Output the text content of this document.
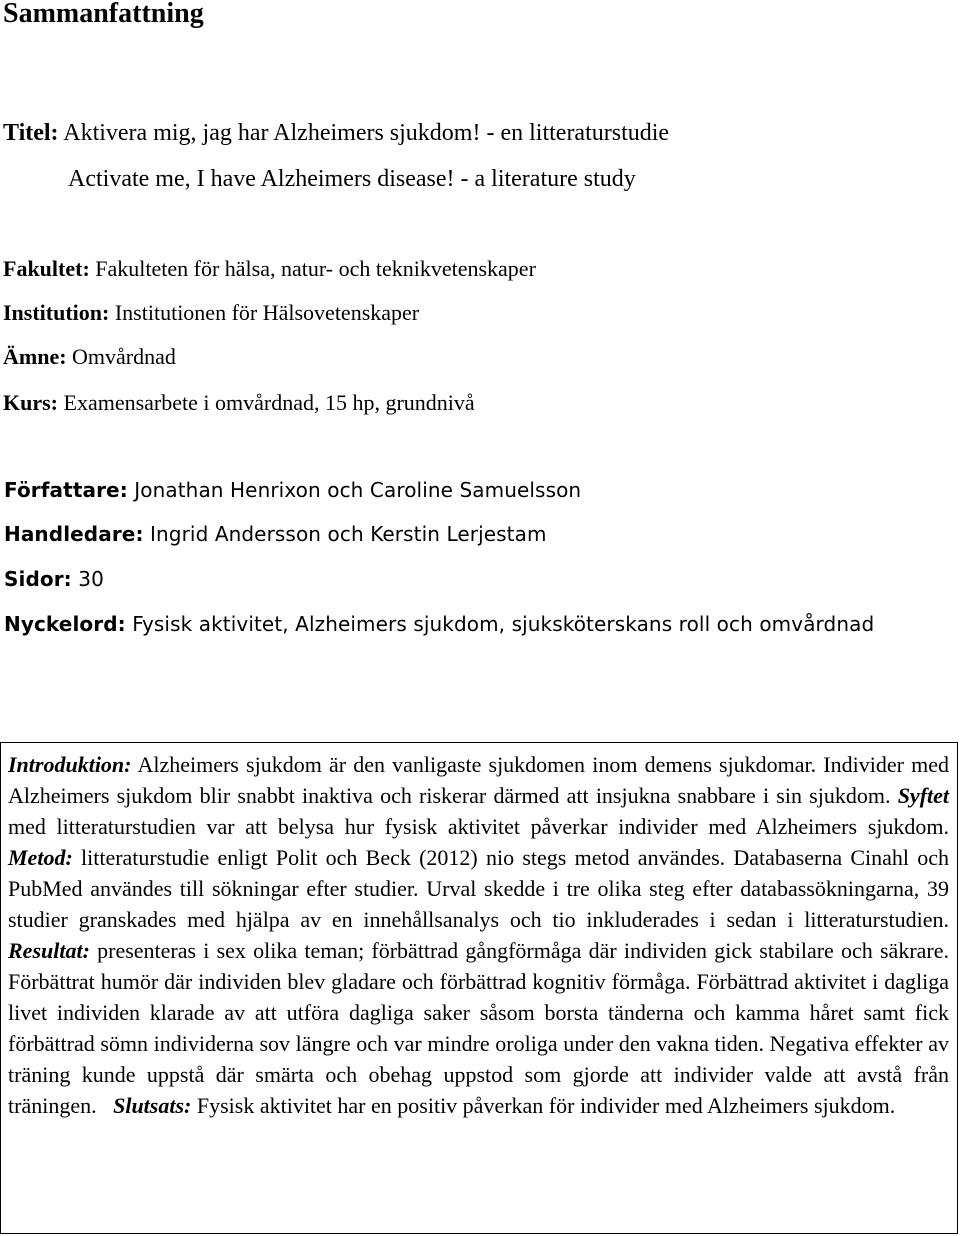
Sammanfattning
Titel: Aktivera mig, jag har Alzheimers sjukdom! - en litteraturstudie
Activate me, I have Alzheimers disease! - a literature study
Fakultet: Fakulteten för hälsa, natur- och teknikvetenskaper
Institution: Institutionen för Hälsovetenskaper
Ämne: Omvårdnad
Kurs: Examensarbete i omvårdnad, 15 hp, grundnivå
Författare: Jonathan Henrixon och Caroline Samuelsson
Handledare: Ingrid Andersson och Kerstin Lerjestam
Sidor: 30
Nyckelord: Fysisk aktivitet, Alzheimers sjukdom, sjuksköterskans roll och omvårdnad

Introduktion: Alzheimers sjukdom är den vanligaste sjukdomen inom demens sjukdomar. Individer med Alzheimers sjukdom blir snabbt inaktiva och riskerar därmed att insjukna snabbare i sin sjukdom. Syftet med litteraturstudien var att belysa hur fysisk aktivitet påverkar individer med Alzheimers sjukdom. Metod: litteraturstudie enligt Polit och Beck (2012) nio stegs metod användes. Databaserna Cinahl och PubMed användes till sökningar efter studier. Urval skedde i tre olika steg efter databassökningarna, 39 studier granskades med hjälpa av en innehållsanalys och tio inkluderades i sedan i litteraturstudien. Resultat: presenteras i sex olika teman; förbättrad gångförmåga där individen gick stabilare och säkrare. Förbättrat humör där individen blev gladare och förbättrad kognitiv förmåga. Förbättrad aktivitet i dagliga livet individen klarade av att utföra dagliga saker såsom borsta tänderna och kamma håret samt fick förbättrad sömn individerna sov längre och var mindre oroliga under den vakna tiden. Negativa effekter av träning kunde uppstå där smärta och obehag uppstod som gjorde att individer valde att avstå från träningen. Slutsats: Fysisk aktivitet har en positiv påverkan för individer med Alzheimers sjukdom.
